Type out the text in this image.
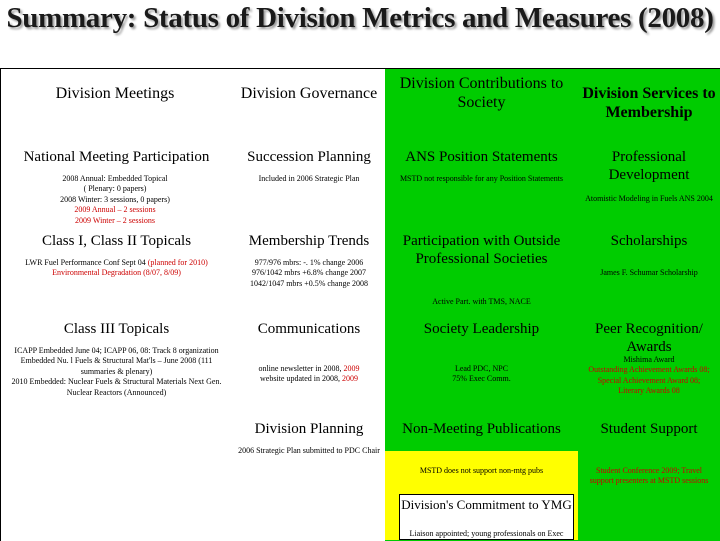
Summary: Status of Division Metrics and Measures (2008)
Division Meetings	Division Governance
Division Contributions to Society
Division Services to Membership
National Meeting Participation
2008 Annual: Embedded Topical
( Plenary: 0 papers)
2008 Winter: 3 sessions, 0 papers)
2009 Annual – 2 sessions
2009 Winter – 2 sessions
Class I, Class II Topicals
LWR Fuel Performance Conf Sept 04 (planned for 2010)
Environmental Degradation (8/07, 8/09)
Class III Topicals
ICAPP Embedded June 04; ICAPP 06, 08: Track 8 organization
Embedded Nu. l Fuels & Structural Mat'ls – June 2008 (111
summaries & plenary)
2010 Embedded: Nuclear Fuels & Structural Materials Next Gen.
Nuclear Reactors (Announced)
Succession Planning
Included in 2006 Strategic Plan
Membership Trends
977/976 mbrs: -. 1% change 2006
976/1042 mbrs +6.8% change 2007
1042/1047 mbrs +0.5% change 2008
Communications
online newsletter in 2008, 2009
website updated in 2008, 2009
Division Planning
2006 Strategic Plan submitted to PDC Chair
ANS Position Statements
MSTD not responsible for any Position Statements
Participation with Outside Professional Societies
Active Part. with TMS, NACE
Society Leadership
Lead PDC, NPC
75% Exec Comm.
Non-Meeting Publications
MSTD does not support non-mtg pubs
Professional Development
Atomistic Modeling in Fuels ANS 2004
Scholarships
James F. Schumar Scholarship
Peer Recognition/ Awards
Mishima Award
Outstanding Achievement Awards 08;
Special Achievement Award 08;
Literary Awards 08
Student Support
Student Conference 2009; Travel
support presenters at MSTD sessions
Division's Commitment to YMG
Liaison appointed; young professionals on Exec
